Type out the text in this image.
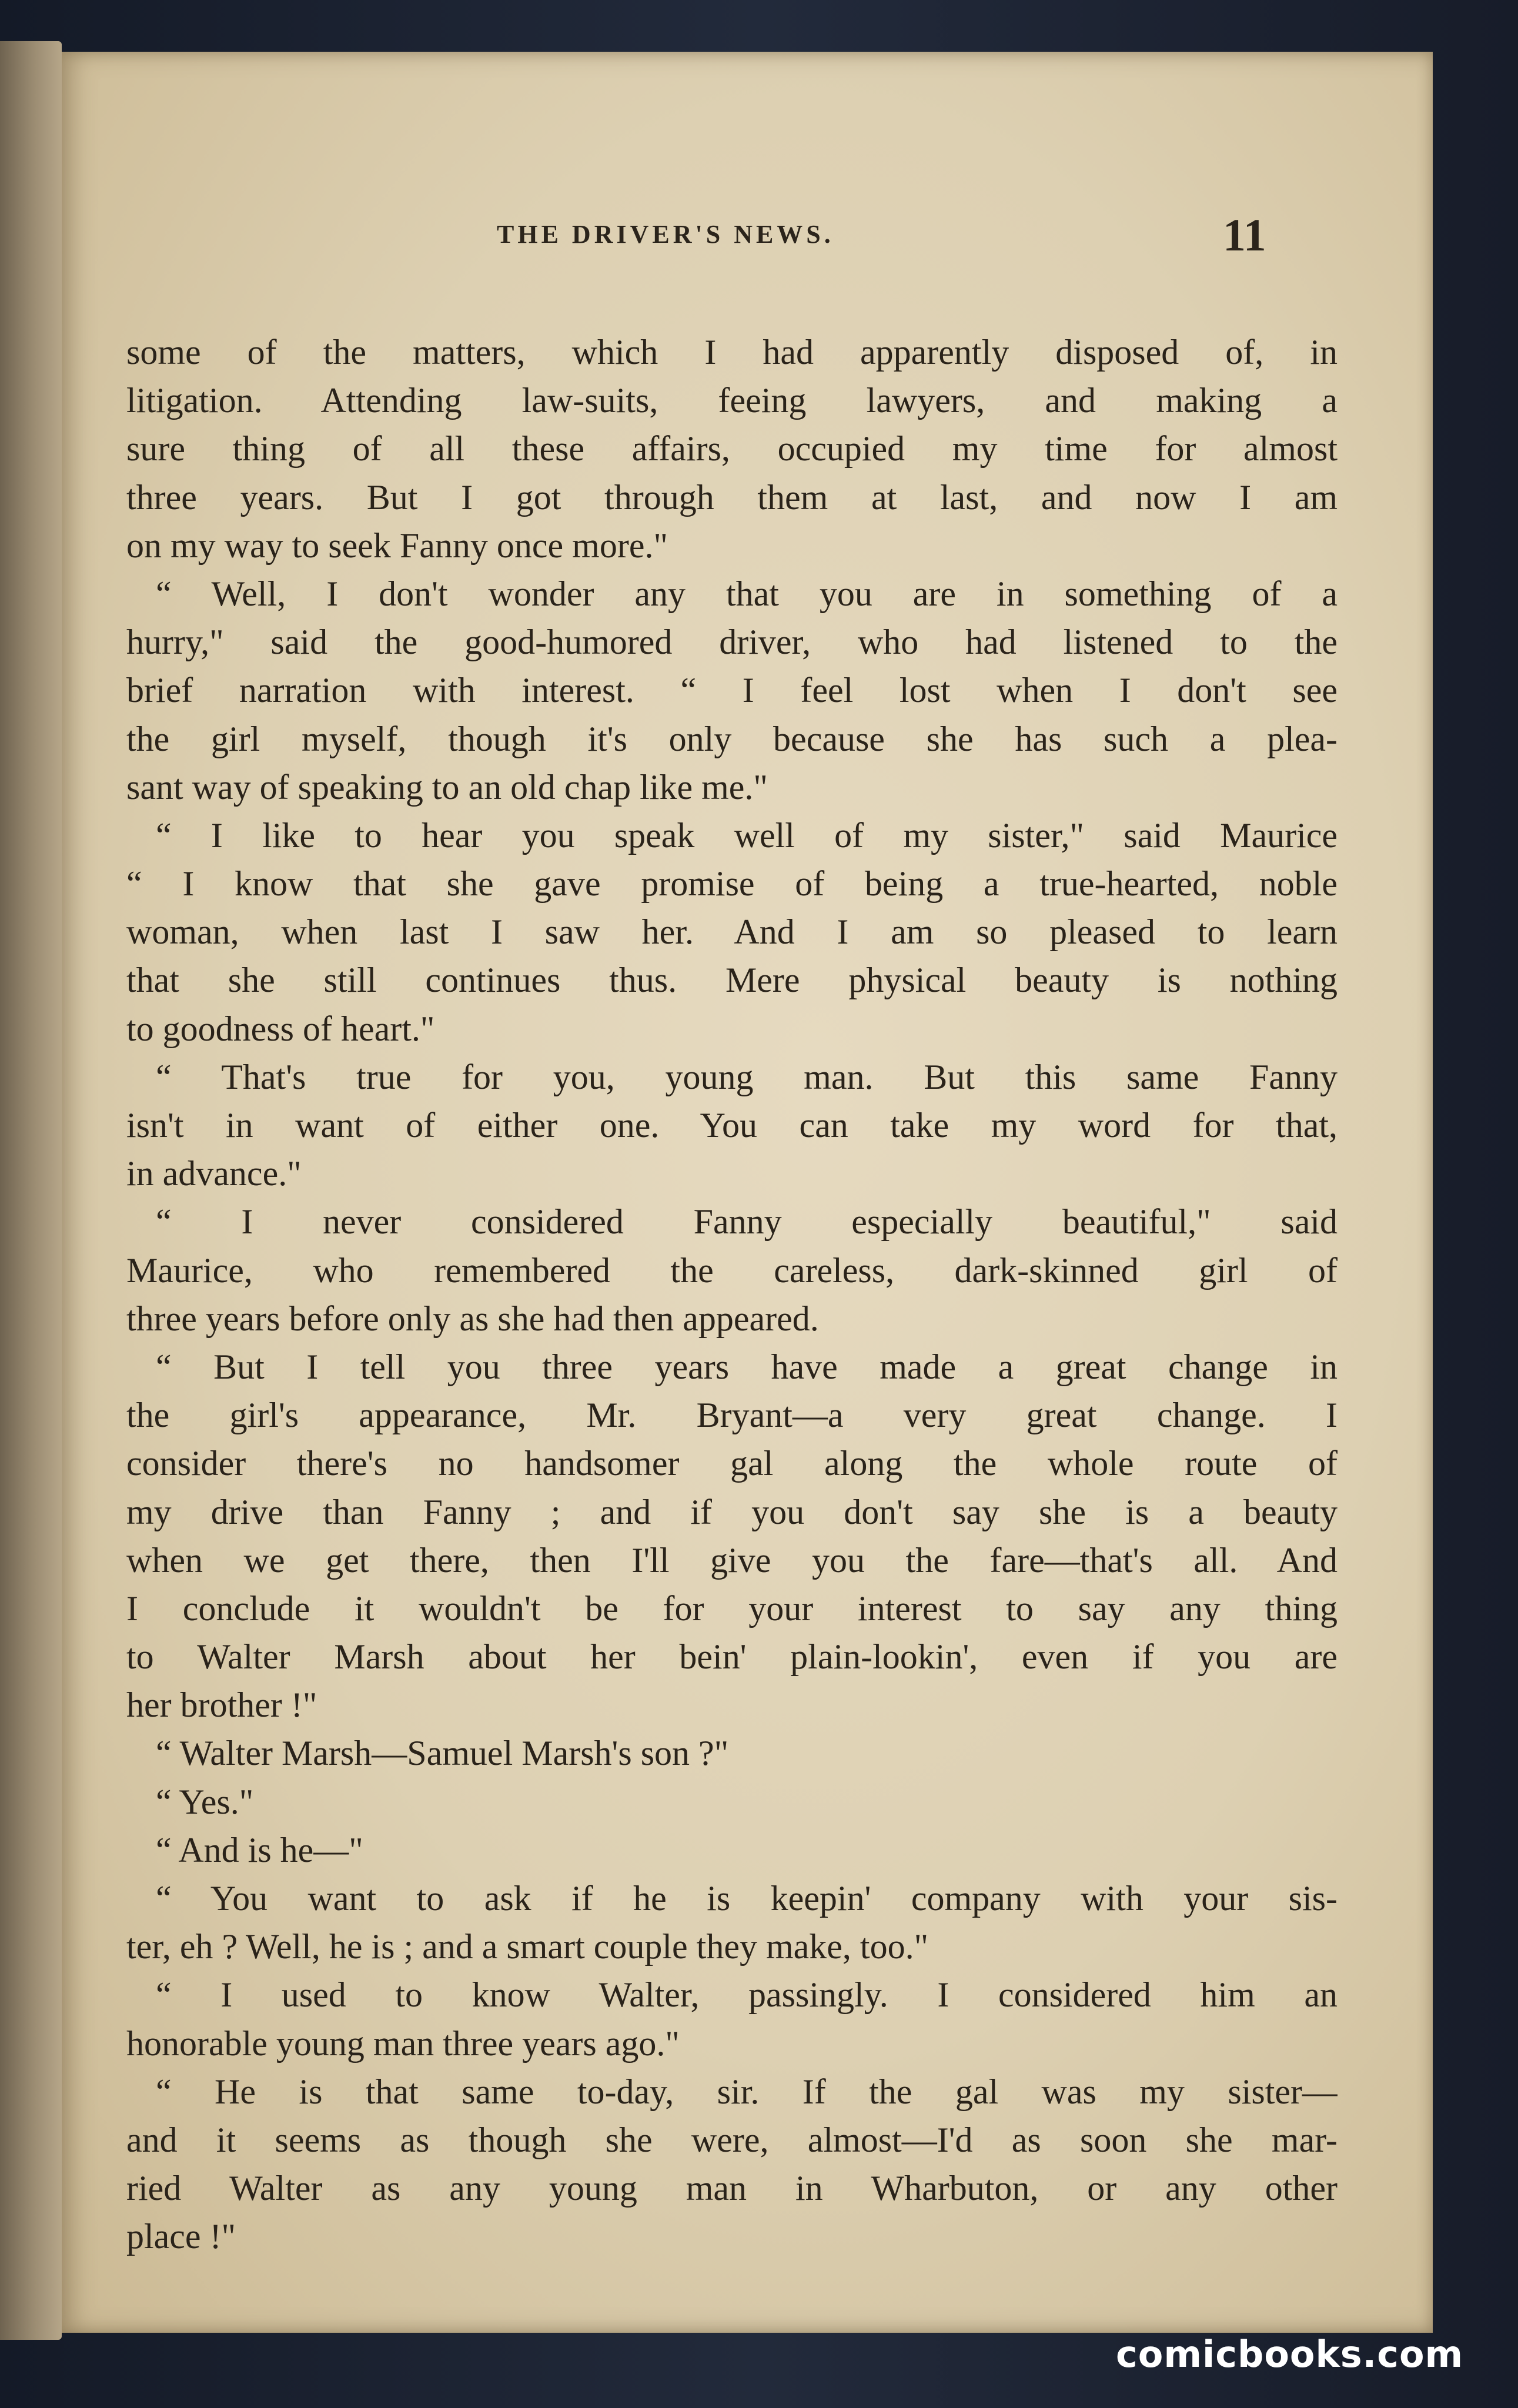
THE DRIVER'S NEWS.	11
some of the matters, which I had apparently disposed of, in
litigation. Attending law-suits, feeing lawyers, and making a
sure thing of all these affairs, occupied my time for almost
three years. But I got through them at last, and now I am
on my way to seek Fanny once more."
“ Well, I don't wonder any that you are in something of a
hurry," said the good-humored driver, who had listened to the
brief narration with interest. “ I feel lost when I don't see
the girl myself, though it's only because she has such a plea-
sant way of speaking to an old chap like me."
“ I like to hear you speak well of my sister," said Maurice
“ I know that she gave promise of being a true-hearted, noble
woman, when last I saw her. And I am so pleased to learn
that she still continues thus. Mere physical beauty is nothing
to goodness of heart."
“ That's true for you, young man. But this same Fanny
isn't in want of either one. You can take my word for that,
in advance."
“ I never considered Fanny especially beautiful," said
Maurice, who remembered the careless, dark-skinned girl of
three years before only as she had then appeared.
“ But I tell you three years have made a great change in
the girl's appearance, Mr. Bryant—a very great change. I
consider there's no handsomer gal along the whole route of
my drive than Fanny ; and if you don't say she is a beauty
when we get there, then I'll give you the fare—that's all. And
I conclude it wouldn't be for your interest to say any thing
to Walter Marsh about her bein' plain-lookin', even if you are
her brother !"
“ Walter Marsh—Samuel Marsh's son ?"
“ Yes."
“ And is he—"
“ You want to ask if he is keepin' company with your sis-
ter, eh ? Well, he is ; and a smart couple they make, too."
“ I used to know Walter, passingly. I considered him an
honorable young man three years ago."
“ He is that same to-day, sir. If the gal was my sister—
and it seems as though she were, almost—I'd as soon she mar-
ried Walter as any young man in Wharbuton, or any other
place !"
comicbooks.com
